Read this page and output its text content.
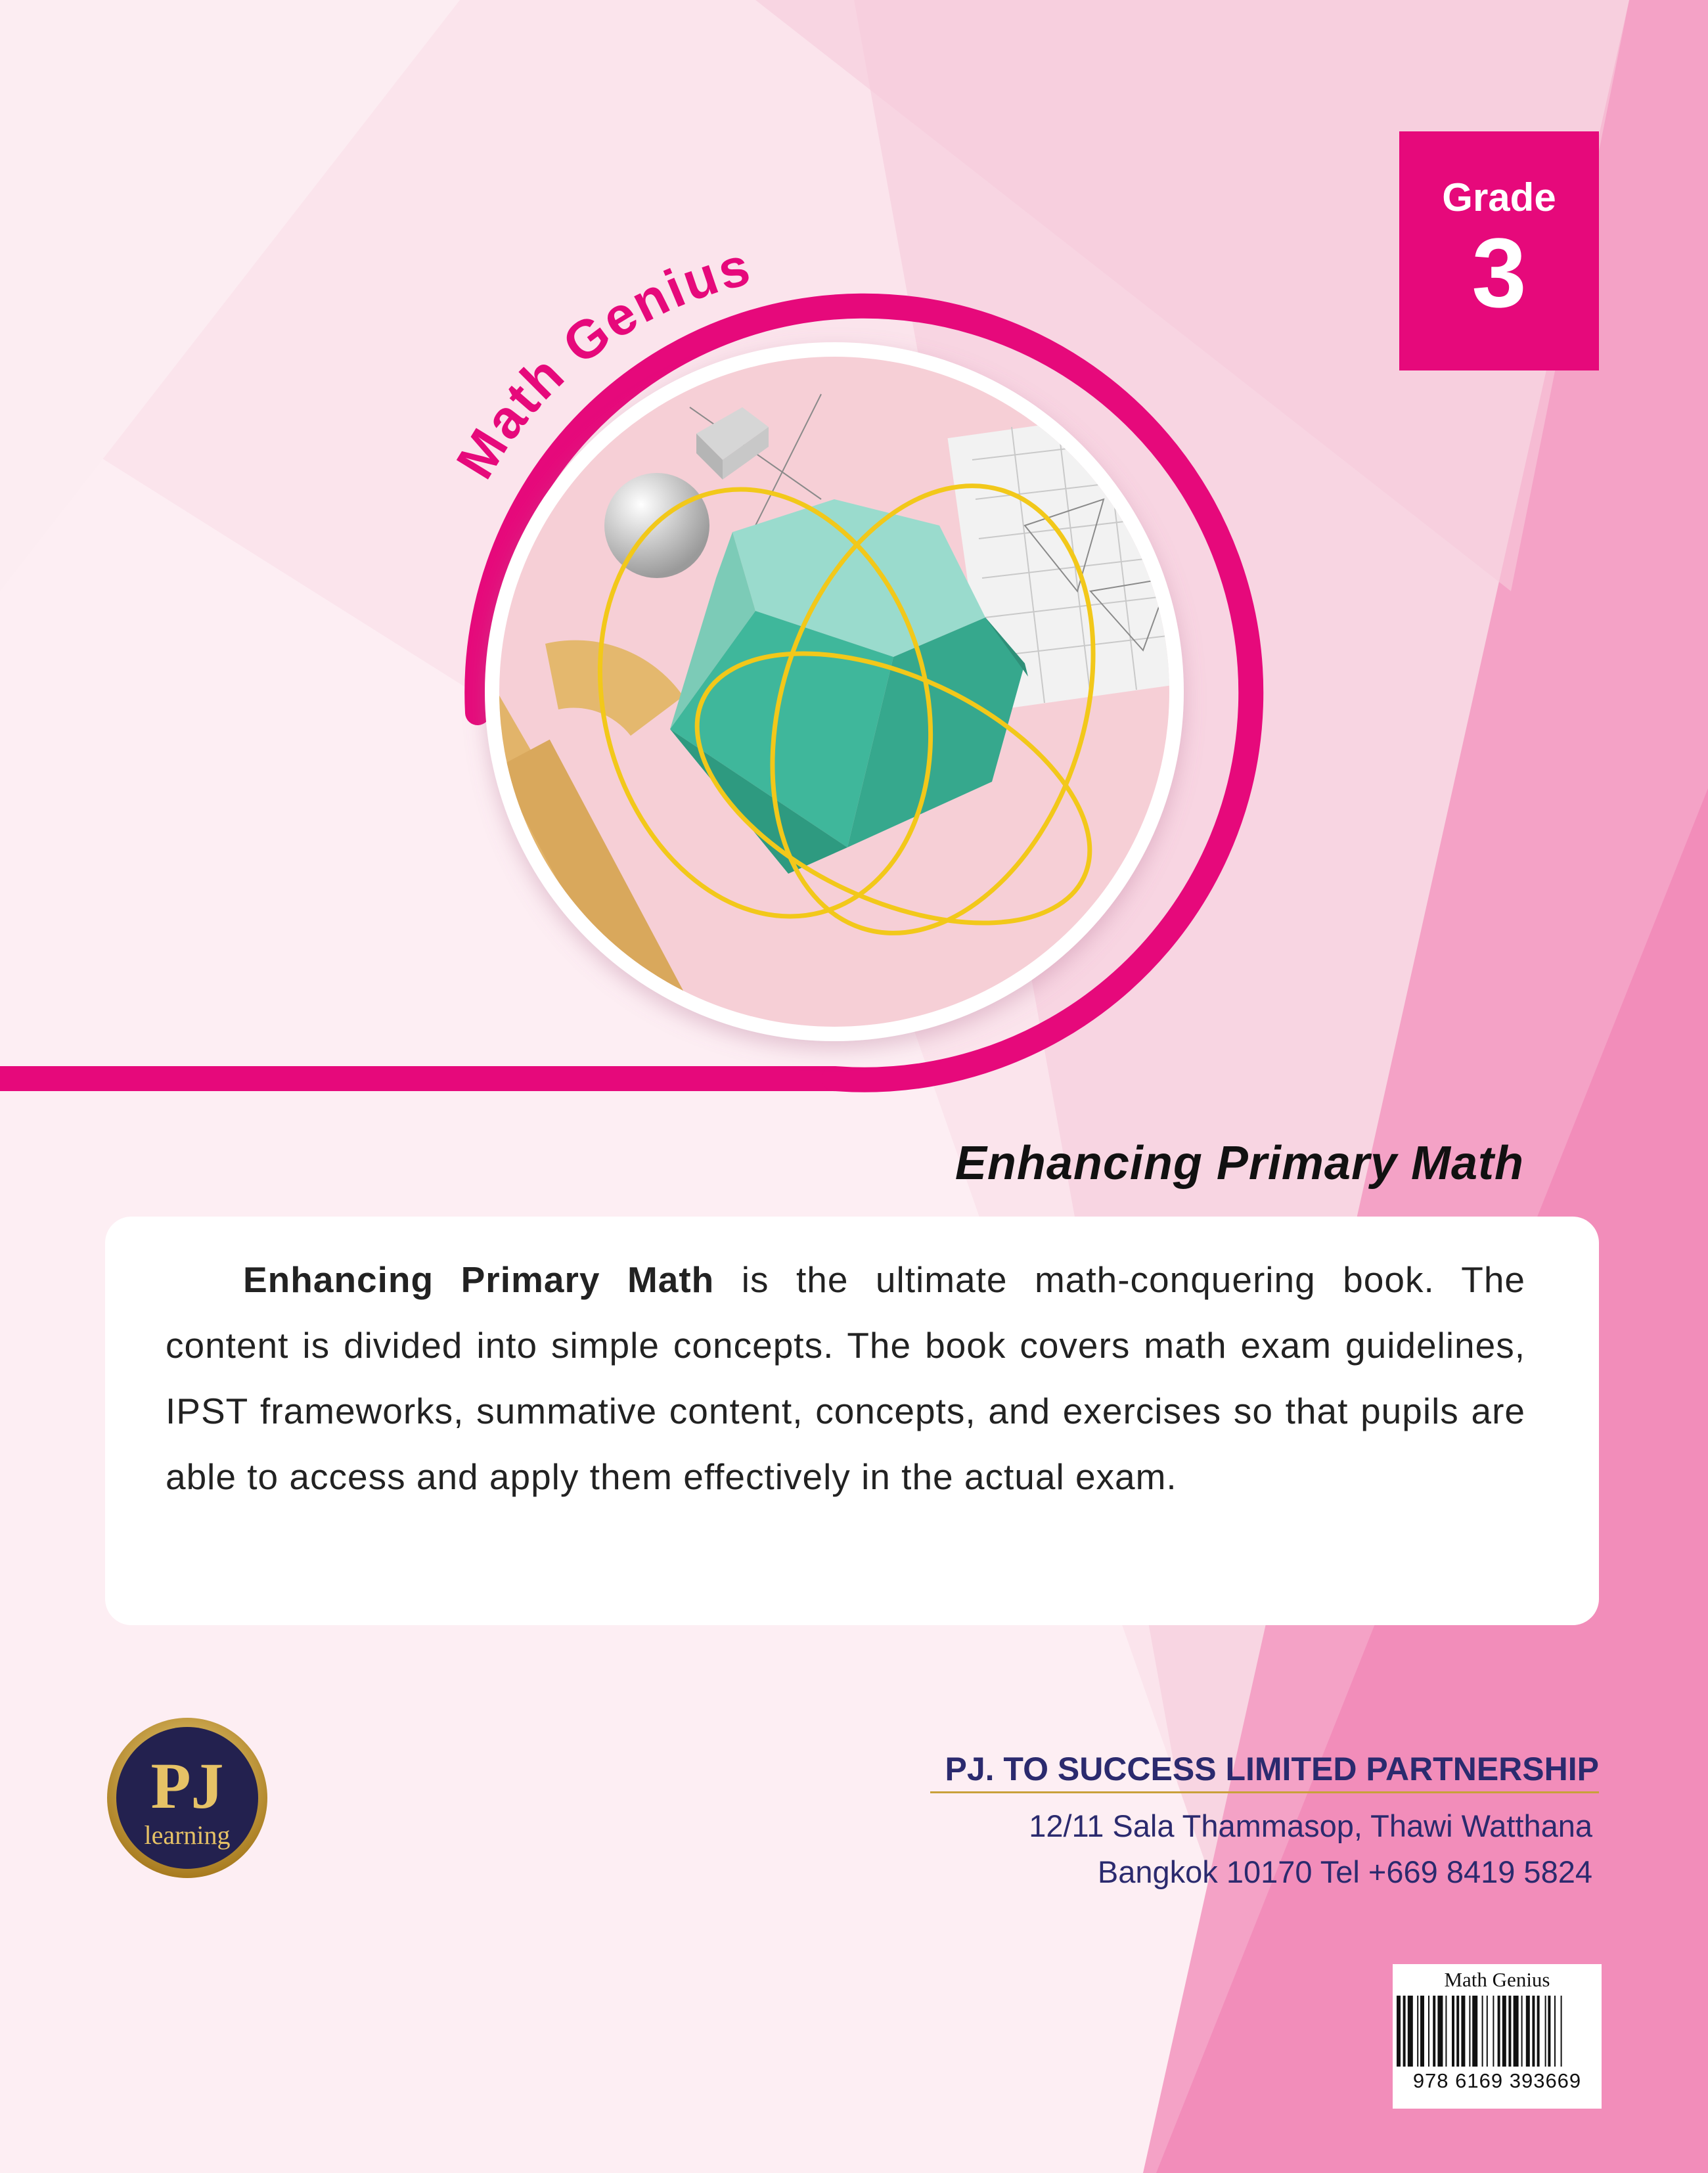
Math Genius
Grade
3
Enhancing Primary Math
Enhancing Primary Math is the ultimate math-conquering book. The content is divided into simple concepts. The book covers math exam guidelines, IPST frameworks, summative content, concepts, and exercises so that pupils are able to access and apply them effectively in the actual exam.
PJ
learning
PJ. TO SUCCESS LIMITED PARTNERSHIP
12/11 Sala Thammasop, Thawi Watthana
Bangkok 10170 Tel +669 8419 5824
Math Genius
978 6169 393669
